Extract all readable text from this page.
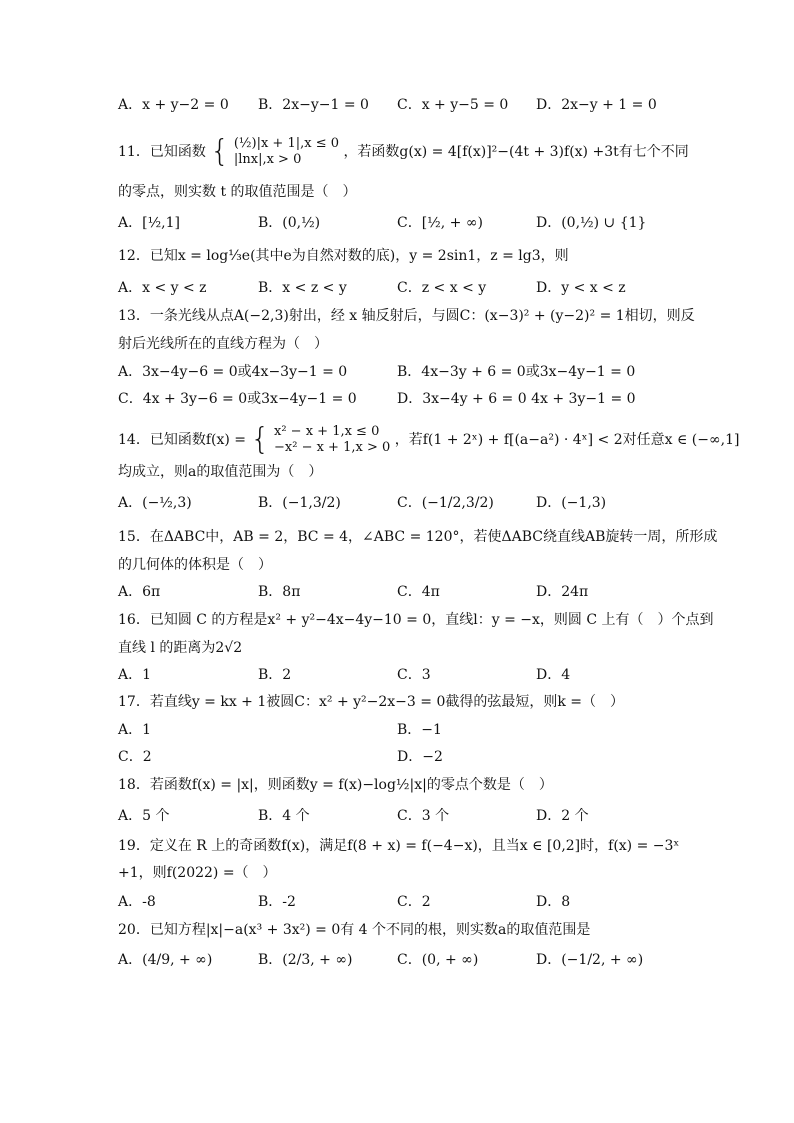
A．x + y−2 = 0 B．2x−y−1 = 0 C．x + y−5 = 0 D．2x−y + 1 = 0
11．已知函数 { (½)|x + 1|,x ≤ 0
|lnx|,x > 0	，若函数g(x) = 4[f(x)]²−(4t + 3)f(x) +3t有七个不同
的零点，则实数 t 的取值范围是（　）
A．[½,1]	B．(0,½)	C．[½, + ∞)	D．(0,½) ∪ {1}
12．已知x = log⅓e(其中e为自然对数的底)，y = 2sin1，z = lg3，则
A．x < y < z	B．x < z < y	C．z < x < y	D．y < x < z
13．一条光线从点A(−2,3)射出，经 x 轴反射后，与圆C：(x−3)² + (y−2)² = 1相切，则反
射后光线所在的直线方程为（　）
A．3x−4y−6 = 0或4x−3y−1 = 0	B．4x−3y + 6 = 0或3x−4y−1 = 0
C．4x + 3y−6 = 0或3x−4y−1 = 0	D．3x−4y + 6 = 0 4x + 3y−1 = 0
14．已知函数f(x) = { x² − x + 1,x ≤ 0
−x² − x + 1,x > 0 ，若f(1 + 2ˣ) + f[(a−a²) · 4ˣ] < 2对任意x ∈ (−∞,1]
均成立，则a的取值范围为（　）
A．(−½,3)	B．(−1,3/2)	C．(−1/2,3/2)	D．(−1,3)
15．在ΔABC中，AB = 2，BC = 4，∠ABC = 120°，若使ΔABC绕直线AB旋转一周，所形成
的几何体的体积是（　）
A．6π	B．8π	C．4π	D．24π
16．已知圆 C 的方程是x² + y²−4x−4y−10 = 0，直线l：y = −x，则圆 C 上有（　）个点到
直线 l 的距离为2√2
A．1	B．2	C．3	D．4
17．若直线y = kx + 1被圆C：x² + y²−2x−3 = 0截得的弦最短，则k =（　）
A．1	B．−1
C．2	D．−2
18．若函数f(x) = |x|，则函数y = f(x)−log½|x|的零点个数是（　）
A．5 个	B．4 个	C．3 个	D．2 个
19．定义在 R 上的奇函数f(x)，满足f(8 + x) = f(−4−x)，且当x ∈ [0,2]时，f(x) = −3ˣ
+1，则f(2022) =（　）
A．-8	B．-2	C．2	D．8
20．已知方程|x|−a(x³ + 3x²) = 0有 4 个不同的根，则实数a的取值范围是
A．(4/9, + ∞)	B．(2/3, + ∞)	C．(0, + ∞)	D．(−1/2, + ∞)
